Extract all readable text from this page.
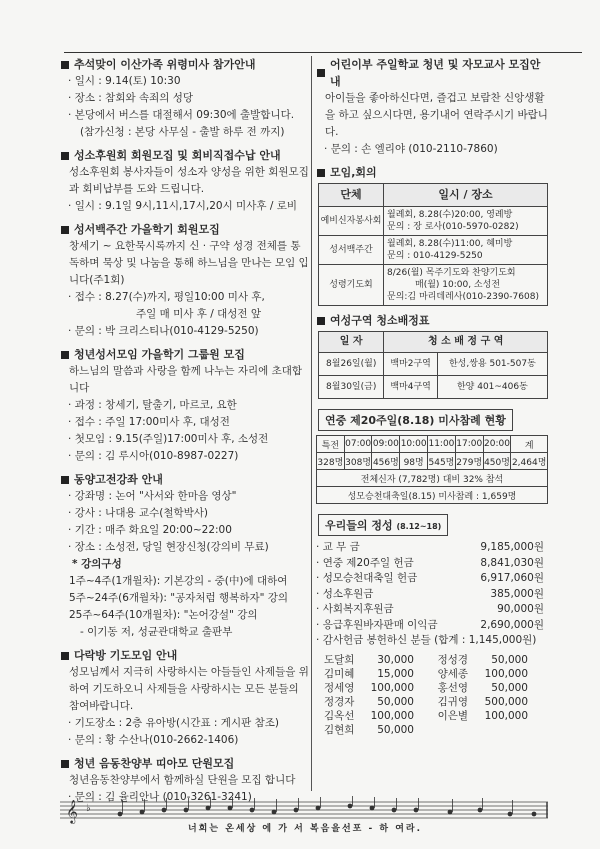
추석맞이 이산가족 위령미사 참가안내
· 일시 : 9.14(토) 10:30
· 장소 : 참회와 속죄의 성당
· 본당에서 버스를 대절해서 09:30에 출발합니다.
(참가신청 : 본당 사무실 - 출발 하루 전 까지)
성소후원회 회원모집 및 회비직접수납 안내
성소후원회 봉사자들이 성소자 양성을 위한 회원모집과 회비납부를 도와 드립니다.
· 일시 : 9.1일 9시,11시,17시,20시 미사후 / 로비
성서백주간 가을학기 회원모집
창세기 ~ 요한묵시록까지 신 · 구약 성경 전체를 통독하며 묵상 및 나눔을 통해 하느님을 만나는 모임 입니다(주1회)
· 접수 : 8.27(수)까지, 평일10:00 미사 후,
주일 매 미사 후 / 대성전 앞
· 문의 : 박 크리스티나(010-4129-5250)
청년성서모임 가을학기 그룹원 모집
하느님의 말씀과 사랑을 함께 나누는 자리에 초대합니다
· 과정 : 창세기, 탈출기, 마르코, 요한
· 접수 : 주일 17:00미사 후, 대성전
· 첫모임 : 9.15(주일)17:00미사 후, 소성전
· 문의 : 김 루시아(010-8987-0227)
동양고전강좌 안내
· 강좌명 : 논어 "사서와 한마음 영상"
· 강사 : 나대용 교수(철학박사)
· 기간 : 매주 화요일 20:00~22:00
· 장소 : 소성전, 당일 현장신청(강의비 무료)
* 강의구성
1주~4주(1개월차): 기본강의 - 중(中)에 대하여
5주~24주(6개월차): "공자처럼 행복하자" 강의
25주~64주(10개월차): "논어강설" 강의
- 이기동 저, 성균관대학교 출판부
다락방 기도모임 안내
성모님께서 지극히 사랑하시는 아들들인 사제들을 위하여 기도하오니 사제들을 사랑하시는 모든 분들의 참여바랍니다.
· 기도장소 : 2층 유아방(시간표 : 게시판 참조)
· 문의 : 황 수산나(010-2662-1406)
청년 음동찬양부 띠아모 단원모집
청년음동찬양부에서 함께하실 단원을 모집 합니다
· 문의 : 김 율리안나 (010-3261-3241)
어린이부 주일학교 청년 및 자모교사 모집안내
아이들을 좋아하신다면, 즐겁고 보람찬 신앙생활을 하고 싶으시다면, 용기내어 연락주시기 바랍니다.
· 문의 : 손 엘리야 (010-2110-7860)
모임,회의
단체	일시 / 장소
예비신자봉사회	월례회, 8.28(수)20:00, 영례방
문의 : 장 로사(010-5970-0282)

성서백주간	월례회, 8.28(수)11:00, 혜미방
문의 : 010-4129-5250

성령기도회	8/26(월) 목주기도와 찬양기도회
매(월) 10:00, 소성전
문의:김 마리데레사(010-2390-7608)
여성구역 청소배정표
일 자	청 소 배 정 구 역	
8월26일(월)	백마2구역	한성,쌍용 501-507동
8월30일(금)	백마4구역	한양 401~406동
연중 제20주일(8.18) 미사참례 현황
특전	07:00	09:00	10:00	11:00	17:00	20:00	계
328명	308명	456명	98명	545명	279명	450명	2,464명
전체신자 (7,782명) 대비 32% 참석							
성모승천대축일(8.15) 미사참례 : 1,659명							
우리들의 정성 (8.12~18)
· 교 무 금	9,185,000원
· 연중 제20주일 헌금	8,841,030원
· 성모승천대축일 헌금	6,917,060원
· 성소후원금	385,000원
· 사회복지후원금	90,000원
· 응급후원바자판매 이익금	2,690,000원
· 감사헌금 봉헌하신 분들 (합계 : 1,145,000원)
도달희	30,000	정성경	50,000
김미혜	15,000	양세종	100,000
정세영	100,000	홍선영	50,000
정경자	50,000	김귀영	500,000
김옥선	100,000	이은별	100,000
김현희	50,000
𝄞 ♭
너희는 온세상 에 가 서 복음을선포 - 하 여라.
